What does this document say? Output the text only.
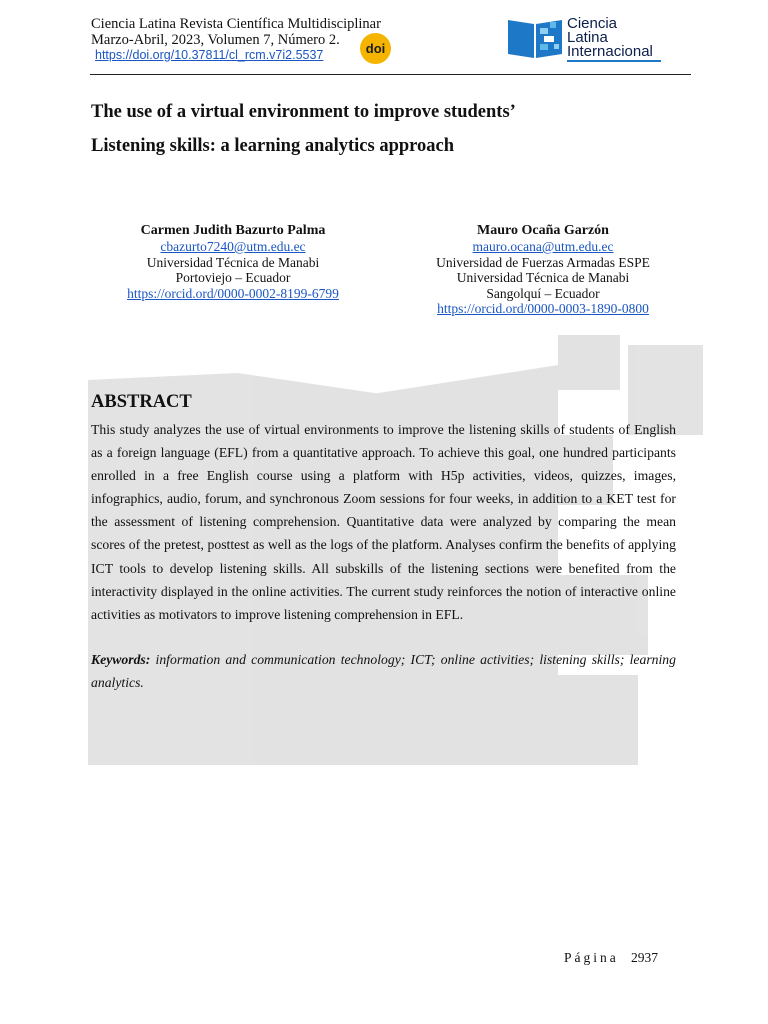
Ciencia Latina Revista Científica Multidisciplinar
Marzo-Abril, 2023, Volumen 7, Número 2.
https://doi.org/10.37811/cl_rcm.v7i2.5537	doi
Ciencia
Latina
Internacional
The use of a virtual environment to improve students’
Listening skills: a learning analytics approach
Carmen Judith Bazurto Palma
cbazurto7240@utm.edu.ec
Universidad Técnica de Manabi
Portoviejo – Ecuador
https://orcid.ord/0000-0002-8199-6799
Mauro Ocaña Garzón
mauro.ocana@utm.edu.ec
Universidad de Fuerzas Armadas ESPE
Universidad Técnica de Manabi
Sangolquí – Ecuador
https://orcid.ord/0000-0003-1890-0800
ABSTRACT
This study analyzes the use of virtual environments to improve the listening skills of students of English as a foreign language (EFL) from a quantitative approach. To achieve this goal, one hundred participants enrolled in a free English course using a platform with H5p activities, videos, quizzes, images, infographics, audio, forum, and synchronous Zoom sessions for four weeks, in addition to a KET test for the assessment of listening comprehension. Quantitative data were analyzed by comparing the mean scores of the pretest, posttest as well as the logs of the platform. Analyses confirm the benefits of applying ICT tools to develop listening skills. All subskills of the listening sections were benefited from the interactivity displayed in the online activities. The current study reinforces the notion of interactive online activities as motivators to improve listening comprehension in EFL.
Keywords: information and communication technology; ICT; online activities; listening skills; learning analytics.
Página 2937
